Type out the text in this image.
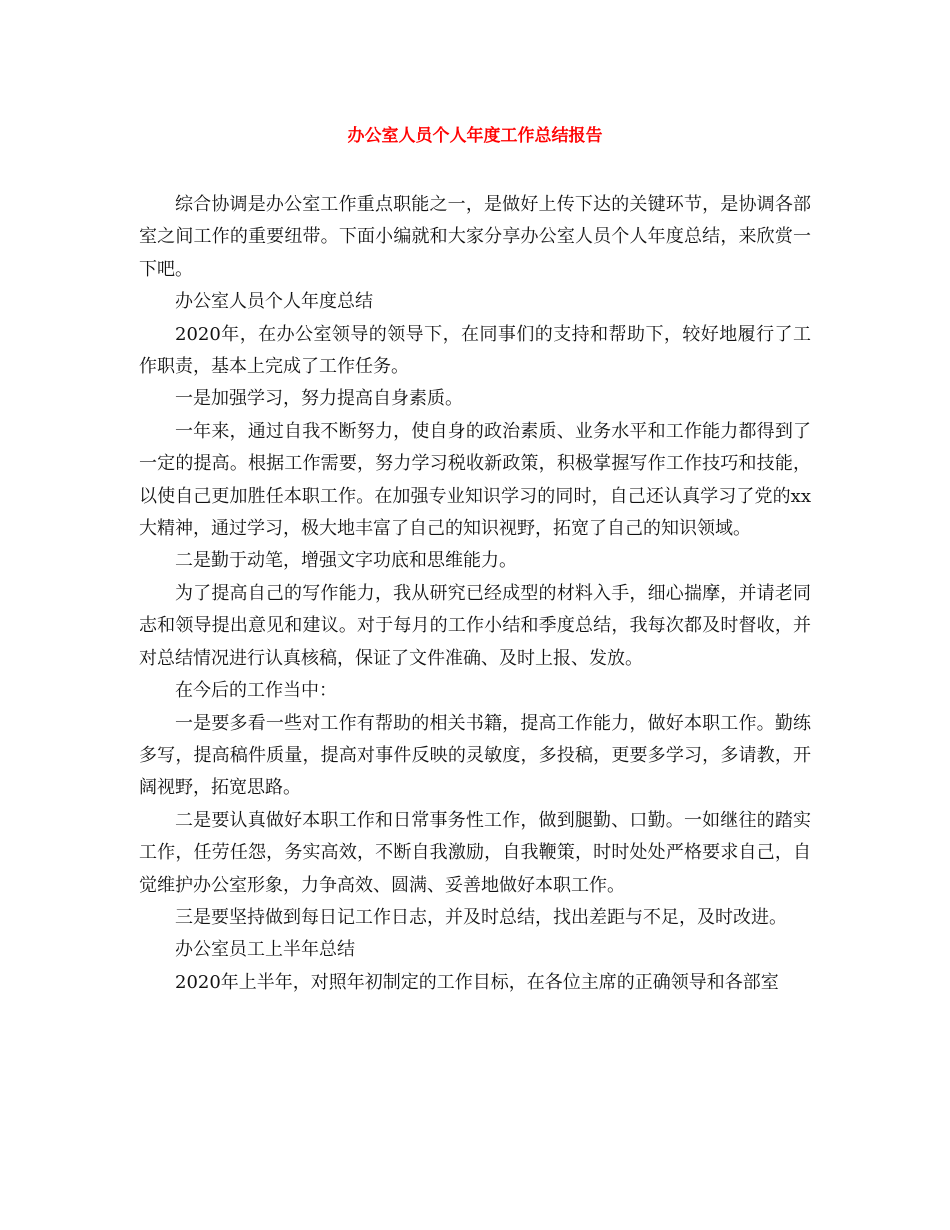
办公室人员个人年度工作总结报告

综合协调是办公室工作重点职能之一，是做好上传下达的关键环节，是协调各部室之间工作的重要纽带。下面小编就和大家分享办公室人员个人年度总结，来欣赏一下吧。

办公室人员个人年度总结

2020年，在办公室领导的领导下，在同事们的支持和帮助下，较好地履行了工作职责，基本上完成了工作任务。

一是加强学习，努力提高自身素质。

一年来，通过自我不断努力，使自身的政治素质、业务水平和工作能力都得到了一定的提高。根据工作需要，努力学习税收新政策，积极掌握写作工作技巧和技能，以使自己更加胜任本职工作。在加强专业知识学习的同时，自己还认真学习了党的xx大精神，通过学习，极大地丰富了自己的知识视野，拓宽了自己的知识领域。

二是勤于动笔，增强文字功底和思维能力。

为了提高自己的写作能力，我从研究已经成型的材料入手，细心揣摩，并请老同志和领导提出意见和建议。对于每月的工作小结和季度总结，我每次都及时督收，并对总结情况进行认真核稿，保证了文件准确、及时上报、发放。

在今后的工作当中：

一是要多看一些对工作有帮助的相关书籍，提高工作能力，做好本职工作。勤练多写，提高稿件质量，提高对事件反映的灵敏度，多投稿，更要多学习，多请教，开阔视野，拓宽思路。

二是要认真做好本职工作和日常事务性工作，做到腿勤、口勤。一如继往的踏实工作，任劳任怨，务实高效，不断自我激励，自我鞭策，时时处处严格要求自己，自觉维护办公室形象，力争高效、圆满、妥善地做好本职工作。

三是要坚持做到每日记工作日志，并及时总结，找出差距与不足，及时改进。

办公室员工上半年总结

2020年上半年，对照年初制定的工作目标，在各位主席的正确领导和各部室
